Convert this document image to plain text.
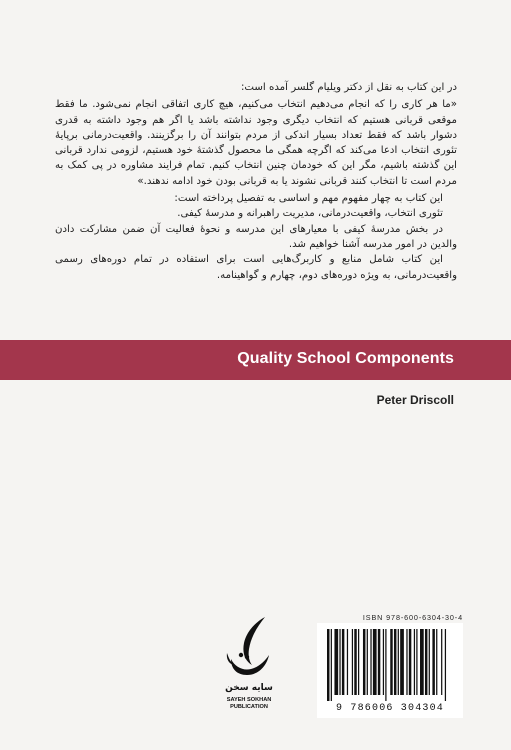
در این کتاب به نقل از دکتر ویلیام گلسر آمده است:

«ما هر کاری را که انجام می‌دهیم انتخاب می‌کنیم، هیچ کاری اتفاقی انجام نمی‌شود. ما فقط موقعی قربانی هستیم که انتخاب دیگری وجود نداشته باشد یا اگر هم وجود داشته به قدری دشوار باشد که فقط تعداد بسیار اندکی از مردم بتوانند آن را برگزینند. واقعیت‌درمانی برپایهٔ تئوری انتخاب ادعا می‌کند که اگرچه همگی ما محصول گذشتهٔ خود هستیم، لزومی ندارد قربانی این گذشته باشیم، مگر این که خودمان چنین انتخاب کنیم. تمام فرایند مشاوره در پی کمک به مردم است تا انتخاب کنند قربانی نشوند یا به قربانی بودن خود ادامه ندهند.»

این کتاب به چهار مفهوم مهم و اساسی به تفصیل پرداخته است:

تئوری انتخاب، واقعیت‌درمانی، مدیریت راهبرانه و مدرسهٔ کیفی.

در بخش مدرسهٔ کیفی با معیارهای این مدرسه و نحوهٔ فعالیت آن ضمن مشارکت دادن والدین در امور مدرسه آشنا خواهیم شد.

این کتاب شامل منابع و کاربرگ‌هایی است برای استفاده در تمام دوره‌های رسمی واقعیت‌درمانی، به ویژه دوره‌های دوم، چهارم و گواهینامه.

Quality School Components
Peter Driscoll
سایه سخن
SAYEH SOKHAN
PUBLICATION
ISBN 978-600-6304-30-4
9 786006 304304
